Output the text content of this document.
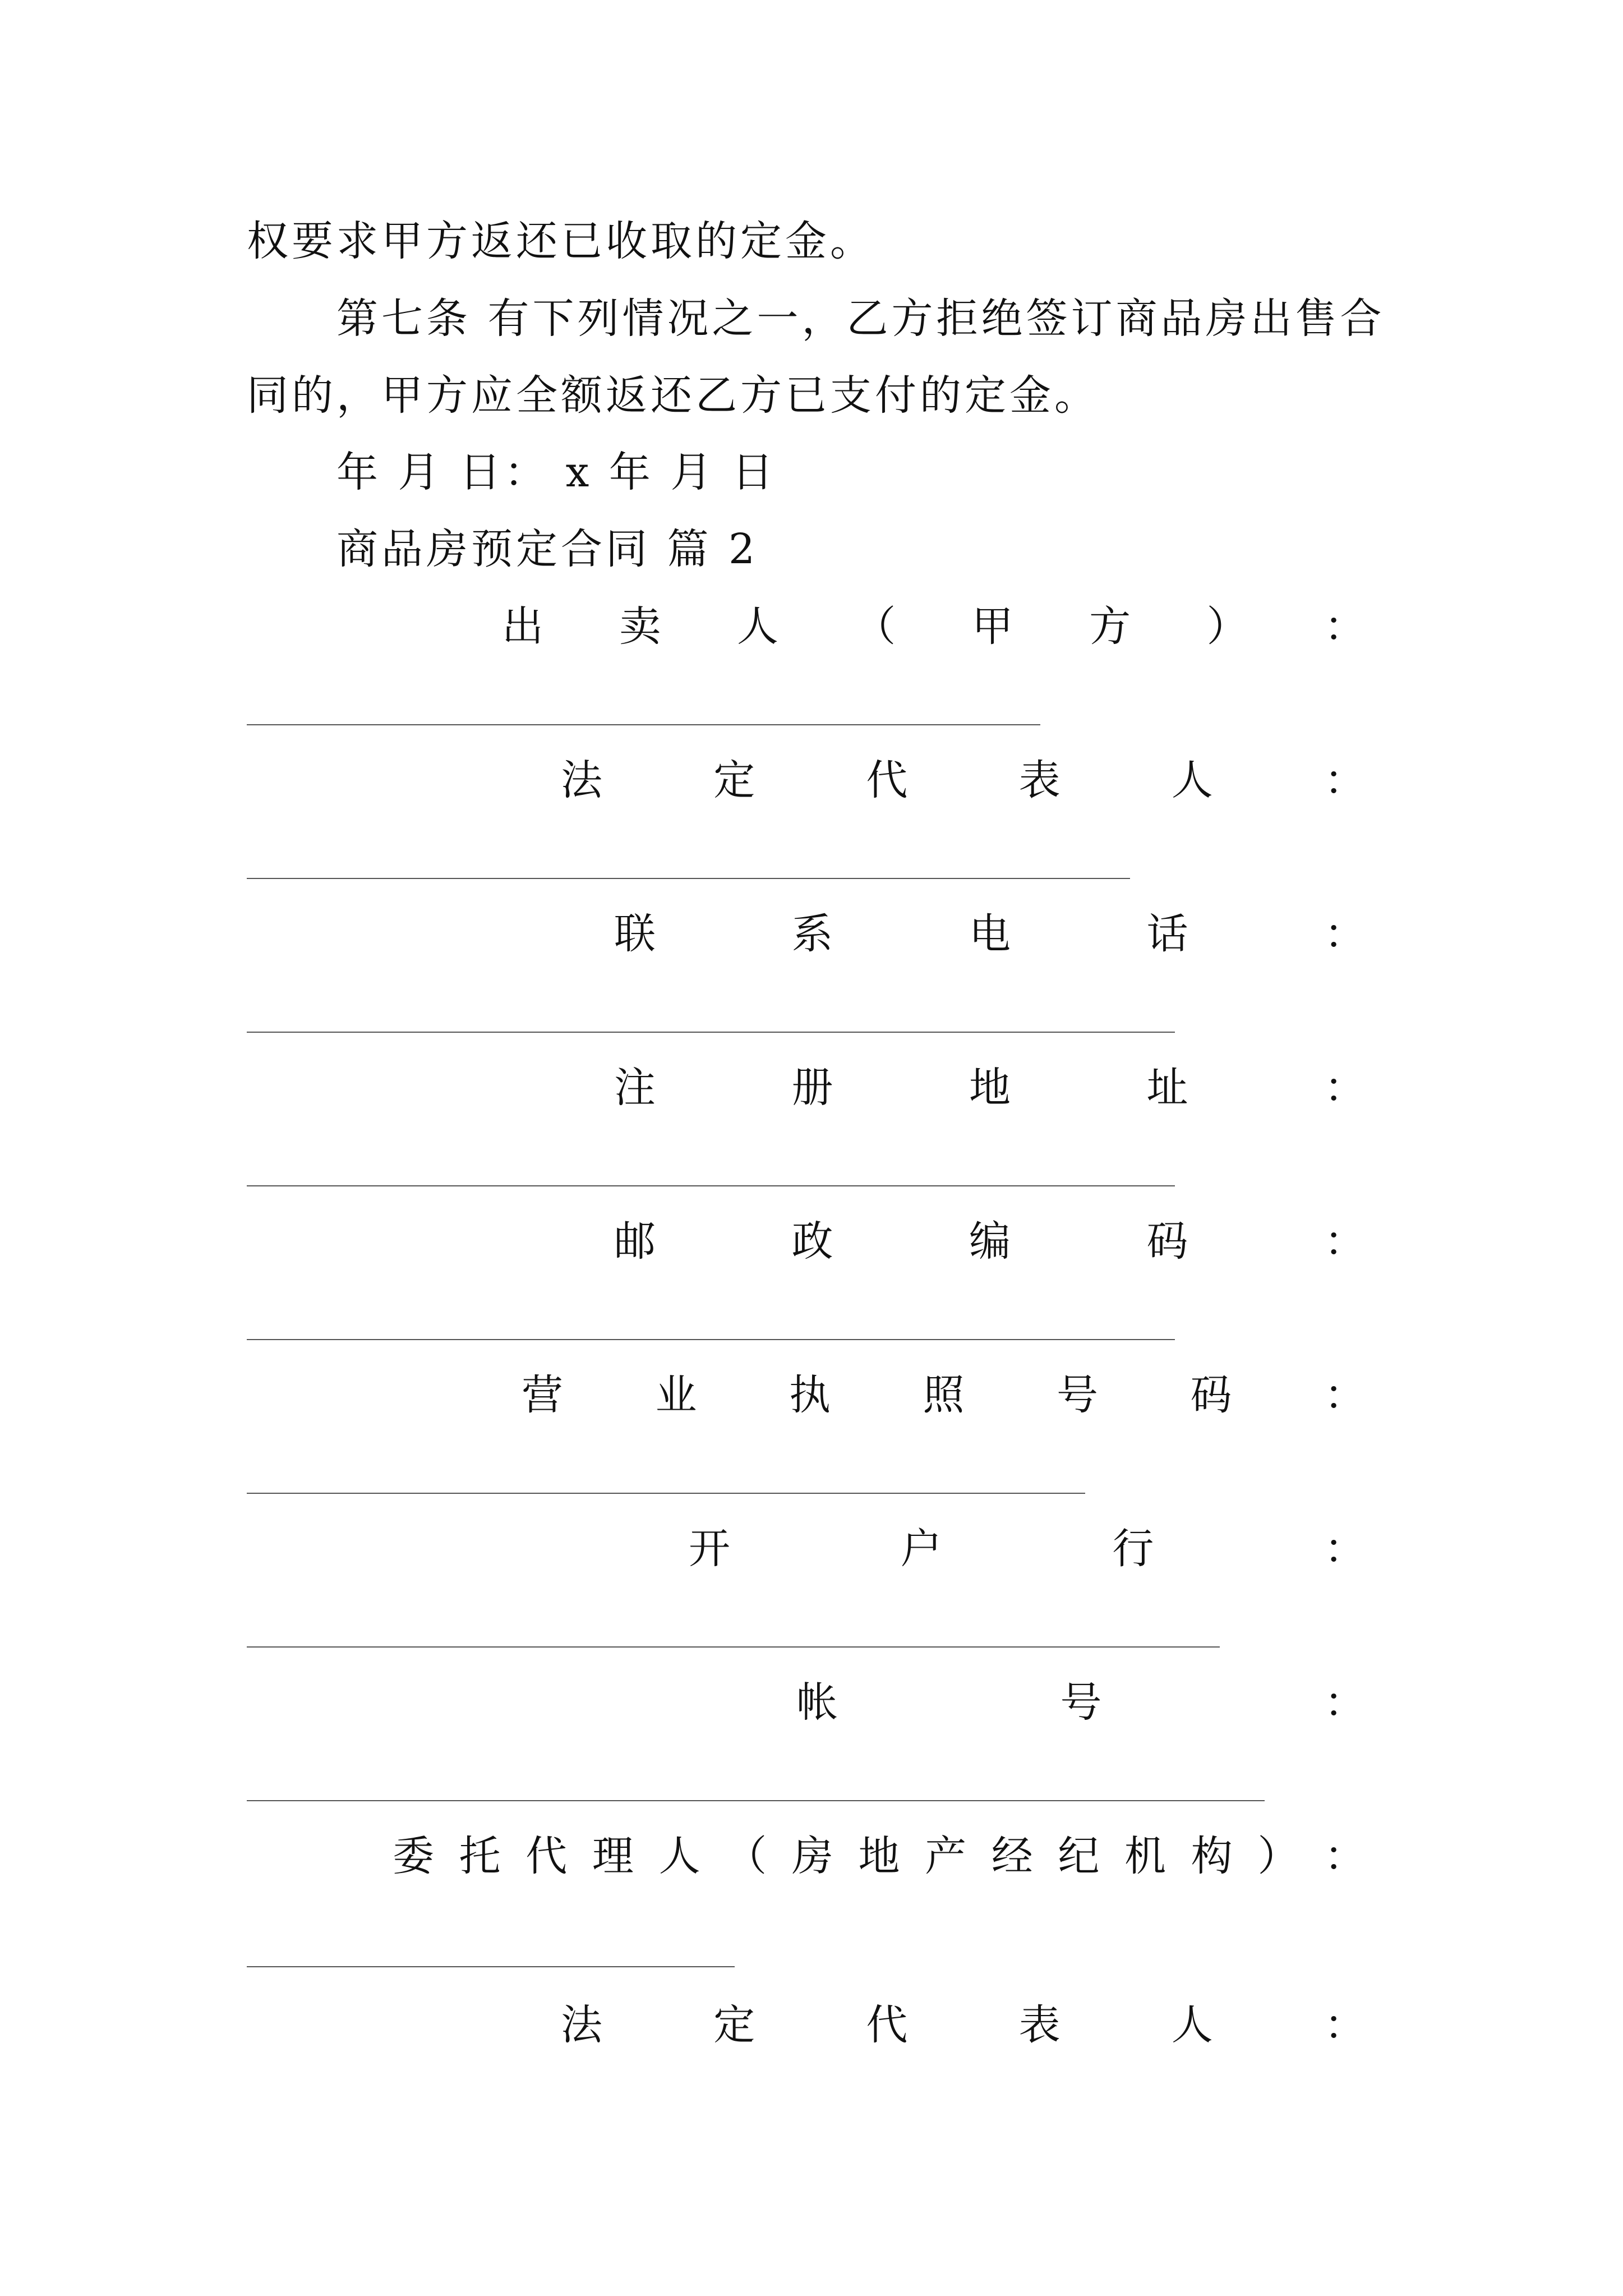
权要求甲方返还已收取的定金。
第七条 有下列情况之一，乙方拒绝签订商品房出售合
同的，甲方应全额返还乙方已支付的定金。
年 月 日： x 年 月 日
商品房预定合同 篇 2
出 卖 人 （ 甲 方 ） ：
法	定	代	表	人	：
联	系	电	话	：
注	册	地	址	：
邮	政	编	码	：
营 业 执 照 号 码 ：
开	户	行	：
帐	号	：
委 托 代 理 人 （ 房 地 产 经 纪 机 构 ） ：
法	定	代	表	人	：
